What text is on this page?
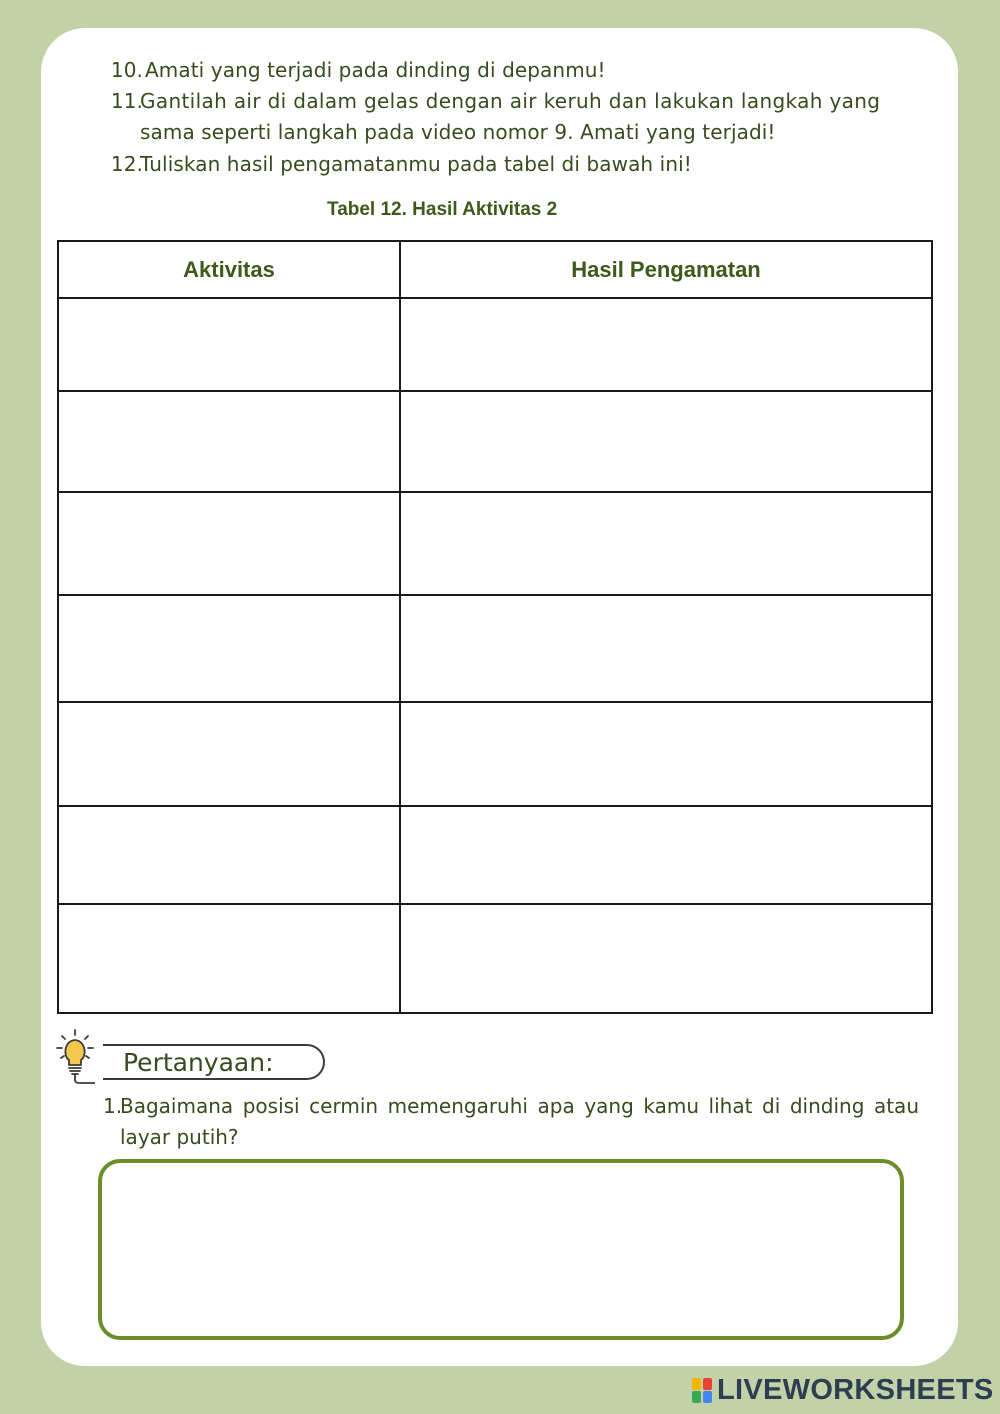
10. Amati yang terjadi pada dinding di depanmu!
11.
Gantilah air di dalam gelas dengan air keruh dan lakukan langkah yang
sama seperti langkah pada video nomor 9. Amati yang terjadi!
12.
Tuliskan hasil pengamatanmu pada tabel di bawah ini!
Tabel 12. Hasil Aktivitas 2
Aktivitas	Hasil Pengamatan

Pertanyaan:
1.
Bagaimana posisi cermin memengaruhi apa yang kamu lihat di dinding atau layar putih?
LIVEWORKSHEETS
